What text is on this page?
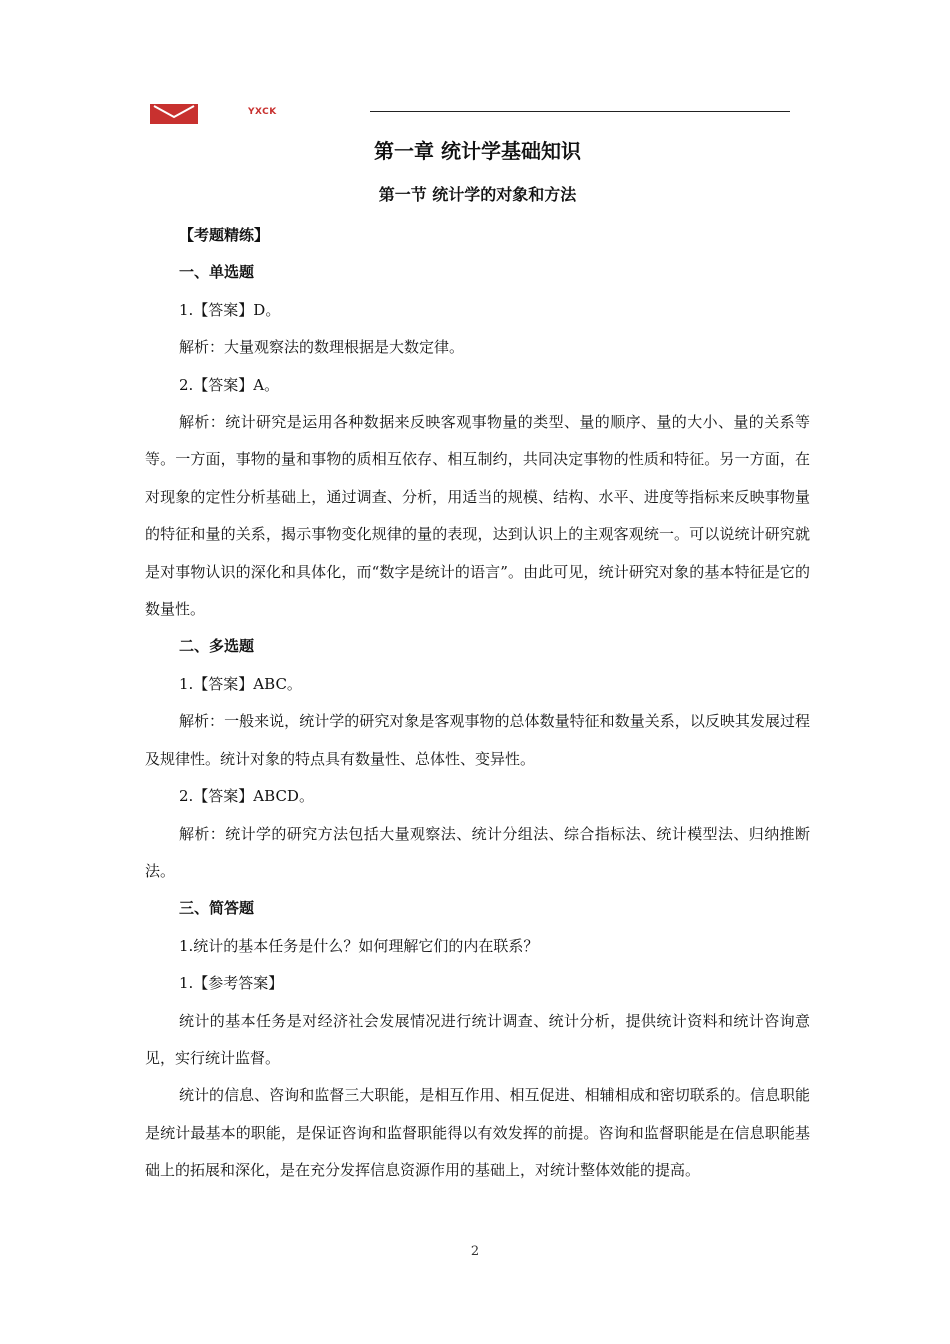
YXCK
第一章 统计学基础知识
第一节 统计学的对象和方法

【考题精练】

一、单选题

1.【答案】D。

解析：大量观察法的数理根据是大数定律。

2.【答案】A。

解析：统计研究是运用各种数据来反映客观事物量的类型、量的顺序、量的大小、量的关系等等。一方面，事物的量和事物的质相互依存、相互制约，共同决定事物的性质和特征。另一方面，在对现象的定性分析基础上，通过调查、分析，用适当的规模、结构、水平、进度等指标来反映事物量的特征和量的关系，揭示事物变化规律的量的表现，达到认识上的主观客观统一。可以说统计研究就是对事物认识的深化和具体化，而“数字是统计的语言”。由此可见，统计研究对象的基本特征是它的数量性。

二、多选题

1.【答案】ABC。

解析：一般来说，统计学的研究对象是客观事物的总体数量特征和数量关系，以反映其发展过程及规律性。统计对象的特点具有数量性、总体性、变异性。

2.【答案】ABCD。

解析：统计学的研究方法包括大量观察法、统计分组法、综合指标法、统计模型法、归纳推断法。

三、简答题

1.统计的基本任务是什么？如何理解它们的内在联系？

1.【参考答案】

统计的基本任务是对经济社会发展情况进行统计调查、统计分析，提供统计资料和统计咨询意见，实行统计监督。

统计的信息、咨询和监督三大职能，是相互作用、相互促进、相辅相成和密切联系的。信息职能是统计最基本的职能，是保证咨询和监督职能得以有效发挥的前提。咨询和监督职能是在信息职能基础上的拓展和深化，是在充分发挥信息资源作用的基础上，对统计整体效能的提高。

2
